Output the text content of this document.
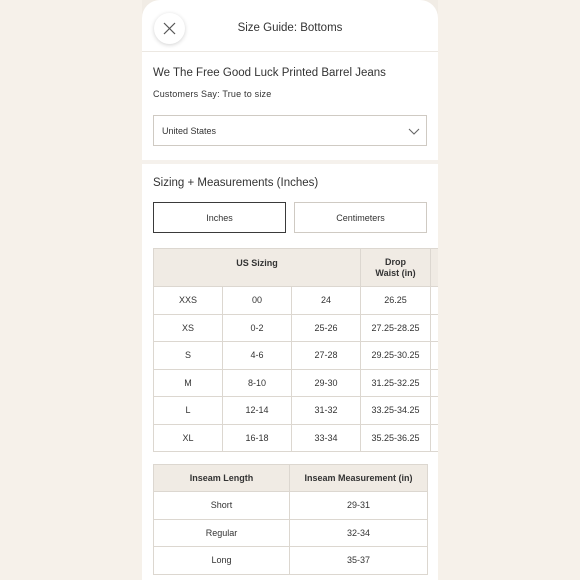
Size Guide: Bottoms
We The Free Good Luck Printed Barrel Jeans
Customers Say: True to size
United States
Sizing + Measurements (Inches)
Inches	Centimeters
US Sizing			Drop
Waist (in)	
XXS	00	24	26.25	
XS	0-2	25-26	27.25-28.25	
S	4-6	27-28	29.25-30.25	
M	8-10	29-30	31.25-32.25	
L	12-14	31-32	33.25-34.25	
XL	16-18	33-34	35.25-36.25	
Inseam Length	Inseam Measurement (in)
Short	29-31
Regular	32-34
Long	35-37
